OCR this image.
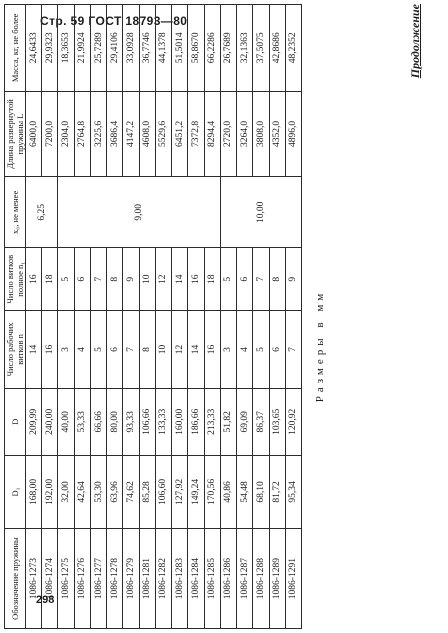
Стр. 59 ГОСТ 18793—80
Обозначение пружины	D₁	D	Число рабочих витков n	Число витков полное n₁	x₀, не менее	Длина развернутой пружины L	Масса, кг, не более
1086-1273	168,00	209,99	14	16	6,25	6400,0	24,6433
1086-1274	192,00	240,00	16	18		7200,0	29,9323
1086-1275	32,00	40,00	3	5	9,00	2304,0	18,3653
1086-1276	42,64	53,33	4	6		2764,8	21,9924
1086-1277	53,30	66,66	5	7		3225,6	25,7289
1086-1278	63,96	80,00	6	8		3686,4	29,4106
1086-1279	74,62	93,33	7	9		4147,2	33,0928
1086-1281	85,28	106,66	8	10		4608,0	36,7746
1086-1282	106,60	133,33	10	12		5529,6	44,1378
1086-1283	127,92	160,00	12	14		6451,2	51,5014
1086-1284	149,24	186,66	14	16		7372,8	58,8670
1086-1285	170,56	213,33	16	18		8294,4	66,2286
1086-1286	40,86	51,82	3	5	10,00	2720,0	26,7689
1086-1287	54,48	69,09	4	6		3264,0	32,1363
1086-1288	68,10	86,37	5	7		3808,0	37,5075
1086-1289	81,72	103,65	6	8		4352,0	42,8686
1086-1291	95,34	120,92	7	9		4896,0	48,2352
Размеры в мм
Продолжение
298
